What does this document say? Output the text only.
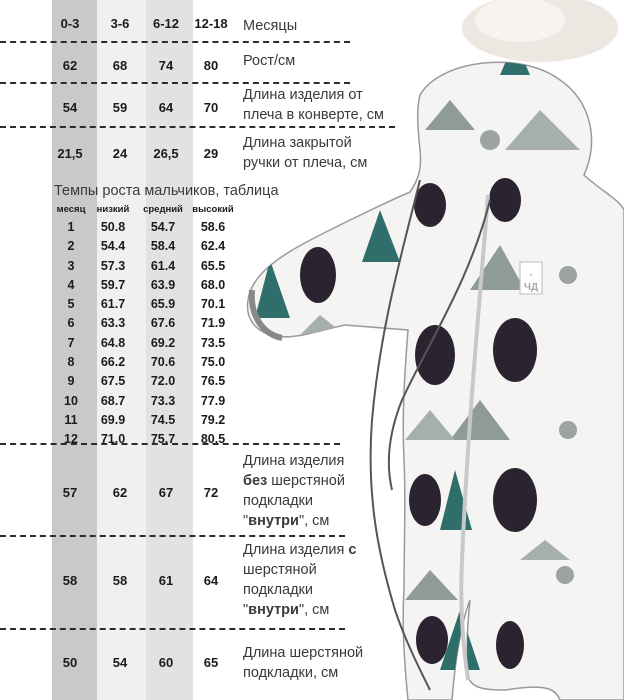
·
ЧД
0-3	3-6	6-12	12-18	Месяцы
62	68	74	80	Рост/см
54	59	64	70
Длина изделия от
плеча в конверте, см
21,5	24	26,5	29
Длина закрытой
ручки от плеча, см
57	62	67	72
Длина изделия
без шерстяной
подкладки
"внутри", см
58	58	61	64
Длина изделия с
шерстяной
подкладки
"внутри", см
50	54	60	65
Длина шерстяной
подкладки, см
Темпы роста мальчиков, таблица
месяц низкий средний высокий
1 50.8 54.7 58.6
2 54.4 58.4 62.4
3 57.3 61.4 65.5
4 59.7 63.9 68.0
5 61.7 65.9 70.1
6 63.3 67.6 71.9
7 64.8 69.2 73.5
8 66.2 70.6 75.0
9 67.5 72.0 76.5
10 68.7 73.3 77.9
11 69.9 74.5 79.2
12 71.0 75.7 80.5
